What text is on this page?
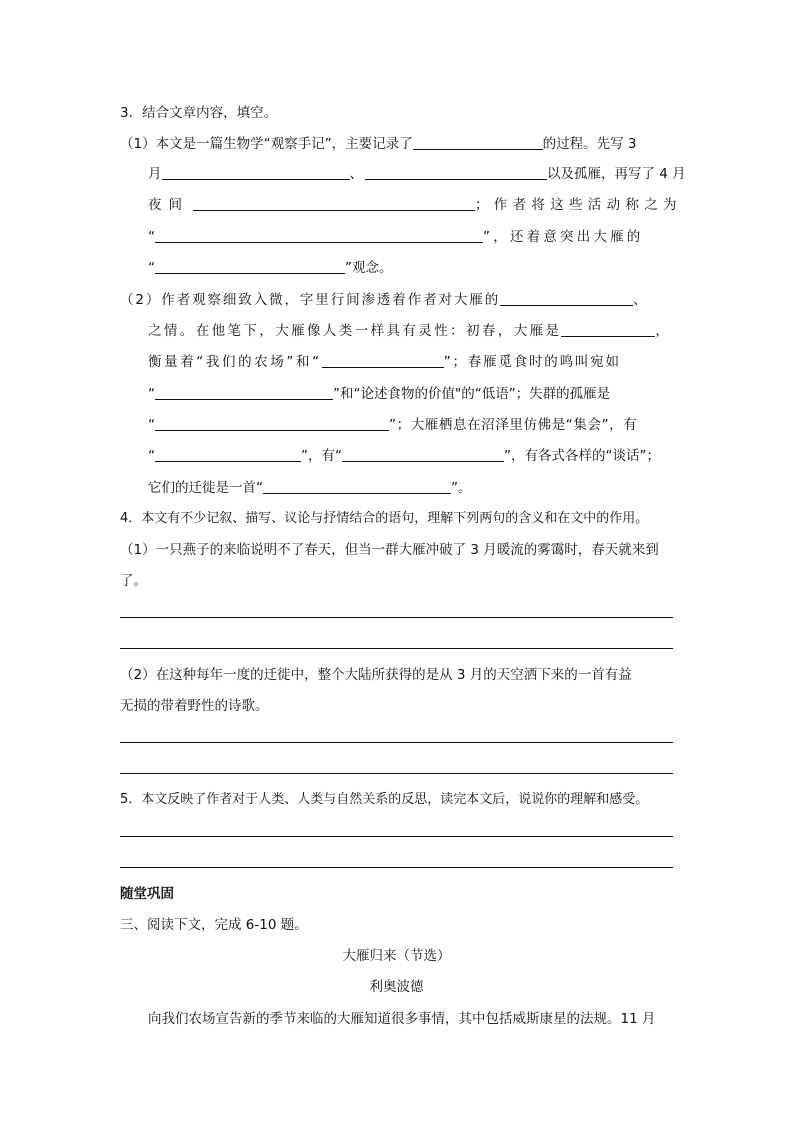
3．结合文章内容，填空。
（1）本文是一篇生物学“观察手记”，主要记录了	的过程。先写 3
月	、	以及孤雁，再写了 4 月
夜间	；作者将这些活动称之为
“	”，还着意突出大雁的
“	”观念。
（2）作者观察细致入微，字里行间渗透着作者对大雁的	、
之情。在他笔下，大雁像人类一样具有灵性：初春，大雁是	，
衡量着“我们的农场”和“	”；春雁觅食时的鸣叫宛如
“	”和“论述食物的价值"的“低语”；失群的孤雁是
“	”；大雁栖息在沼泽里仿佛是“集会”，有
“	”，有“	”，有各式各样的“谈话”；
它们的迁徙是一首“	”。
4．本文有不少记叙、描写、议论与抒情结合的语句，理解下列两句的含义和在文中的作用。
（1）一只燕子的来临说明不了春天，但当一群大雁冲破了 3 月暖流的雾霭时，春天就来到
了。
（2）在这种每年一度的迁徙中，整个大陆所获得的是从 3 月的天空洒下来的一首有益
无损的带着野性的诗歌。
5．本文反映了作者对于人类、人类与自然关系的反思，读完本文后，说说你的理解和感受。
随堂巩固
三、阅读下文，完成 6-10 题。
大雁归来（节选）
利奥波德
向我们农场宣告新的季节来临的大雁知道很多事情，其中包括威斯康星的法规。11 月
